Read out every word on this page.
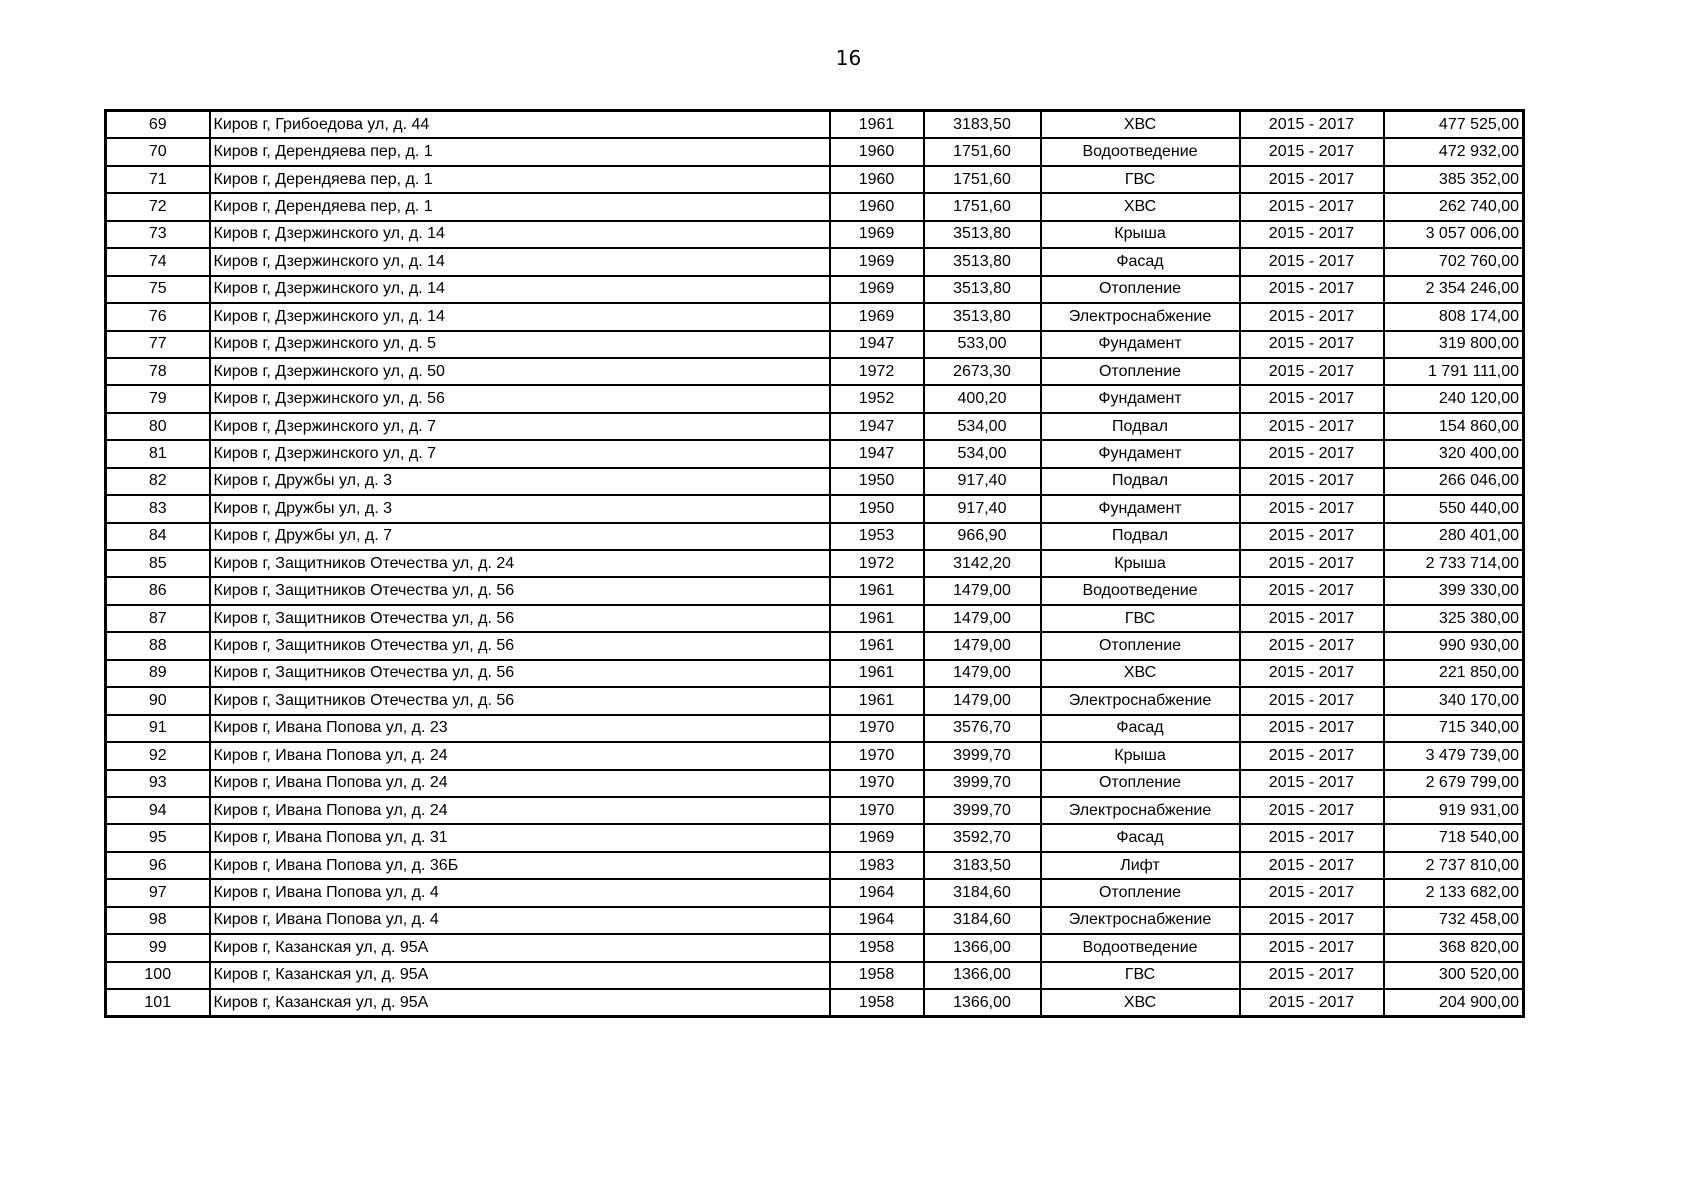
16
69	Киров г, Грибоедова ул, д. 44	1961	3183,50	ХВС	2015 - 2017	477 525,00
70	Киров г, Дерендяева пер, д. 1	1960	1751,60	Водоотведение	2015 - 2017	472 932,00
71	Киров г, Дерендяева пер, д. 1	1960	1751,60	ГВС	2015 - 2017	385 352,00
72	Киров г, Дерендяева пер, д. 1	1960	1751,60	ХВС	2015 - 2017	262 740,00
73	Киров г, Дзержинского ул, д. 14	1969	3513,80	Крыша	2015 - 2017	3 057 006,00
74	Киров г, Дзержинского ул, д. 14	1969	3513,80	Фасад	2015 - 2017	702 760,00
75	Киров г, Дзержинского ул, д. 14	1969	3513,80	Отопление	2015 - 2017	2 354 246,00
76	Киров г, Дзержинского ул, д. 14	1969	3513,80	Электроснабжение	2015 - 2017	808 174,00
77	Киров г, Дзержинского ул, д. 5	1947	533,00	Фундамент	2015 - 2017	319 800,00
78	Киров г, Дзержинского ул, д. 50	1972	2673,30	Отопление	2015 - 2017	1 791 111,00
79	Киров г, Дзержинского ул, д. 56	1952	400,20	Фундамент	2015 - 2017	240 120,00
80	Киров г, Дзержинского ул, д. 7	1947	534,00	Подвал	2015 - 2017	154 860,00
81	Киров г, Дзержинского ул, д. 7	1947	534,00	Фундамент	2015 - 2017	320 400,00
82	Киров г, Дружбы ул, д. 3	1950	917,40	Подвал	2015 - 2017	266 046,00
83	Киров г, Дружбы ул, д. 3	1950	917,40	Фундамент	2015 - 2017	550 440,00
84	Киров г, Дружбы ул, д. 7	1953	966,90	Подвал	2015 - 2017	280 401,00
85	Киров г, Защитников Отечества ул, д. 24	1972	3142,20	Крыша	2015 - 2017	2 733 714,00
86	Киров г, Защитников Отечества ул, д. 56	1961	1479,00	Водоотведение	2015 - 2017	399 330,00
87	Киров г, Защитников Отечества ул, д. 56	1961	1479,00	ГВС	2015 - 2017	325 380,00
88	Киров г, Защитников Отечества ул, д. 56	1961	1479,00	Отопление	2015 - 2017	990 930,00
89	Киров г, Защитников Отечества ул, д. 56	1961	1479,00	ХВС	2015 - 2017	221 850,00
90	Киров г, Защитников Отечества ул, д. 56	1961	1479,00	Электроснабжение	2015 - 2017	340 170,00
91	Киров г, Ивана Попова ул, д. 23	1970	3576,70	Фасад	2015 - 2017	715 340,00
92	Киров г, Ивана Попова ул, д. 24	1970	3999,70	Крыша	2015 - 2017	3 479 739,00
93	Киров г, Ивана Попова ул, д. 24	1970	3999,70	Отопление	2015 - 2017	2 679 799,00
94	Киров г, Ивана Попова ул, д. 24	1970	3999,70	Электроснабжение	2015 - 2017	919 931,00
95	Киров г, Ивана Попова ул, д. 31	1969	3592,70	Фасад	2015 - 2017	718 540,00
96	Киров г, Ивана Попова ул, д. 36Б	1983	3183,50	Лифт	2015 - 2017	2 737 810,00
97	Киров г, Ивана Попова ул, д. 4	1964	3184,60	Отопление	2015 - 2017	2 133 682,00
98	Киров г, Ивана Попова ул, д. 4	1964	3184,60	Электроснабжение	2015 - 2017	732 458,00
99	Киров г, Казанская ул, д. 95А	1958	1366,00	Водоотведение	2015 - 2017	368 820,00
100	Киров г, Казанская ул, д. 95А	1958	1366,00	ГВС	2015 - 2017	300 520,00
101	Киров г, Казанская ул, д. 95А	1958	1366,00	ХВС	2015 - 2017	204 900,00
